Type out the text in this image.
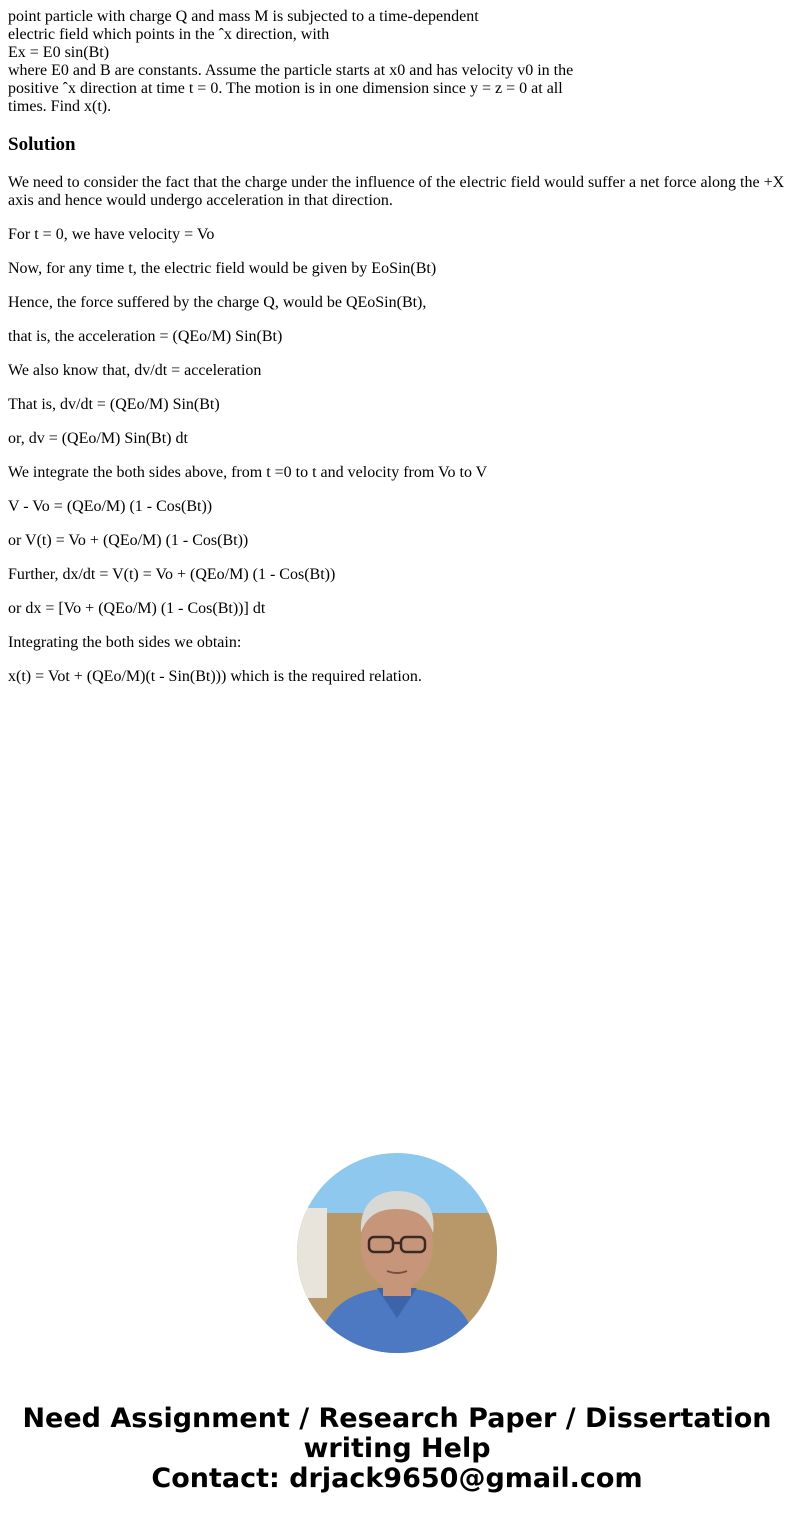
point particle with charge Q and mass M is subjected to a time-dependent

electric field which points in the ˆx direction, with

Ex = E0 sin(Bt)

where E0 and B are constants. Assume the particle starts at x0 and has velocity v0 in the

positive ˆx direction at time t = 0. The motion is in one dimension since y = z = 0 at all

times. Find x(t).

Solution

We need to consider the fact that the charge under the influence of the electric field would suffer a net force along the +X axis and hence would undergo acceleration in that direction.

For t = 0, we have velocity = Vo

Now, for any time t, the electric field would be given by EoSin(Bt)

Hence, the force suffered by the charge Q, would be QEoSin(Bt),

that is, the acceleration = (QEo/M) Sin(Bt)

We also know that, dv/dt = acceleration

That is, dv/dt = (QEo/M) Sin(Bt)

or, dv = (QEo/M) Sin(Bt) dt

We integrate the both sides above, from t =0 to t and velocity from Vo to V

V - Vo = (QEo/M) (1 - Cos(Bt))

or V(t) = Vo + (QEo/M) (1 - Cos(Bt))

Further, dx/dt = V(t) = Vo + (QEo/M) (1 - Cos(Bt))

or dx = [Vo + (QEo/M) (1 - Cos(Bt))] dt

Integrating the both sides we obtain:

x(t) = Vot + (QEo/M)(t - Sin(Bt))) which is the required relation.

Need Assignment / Research Paper / Dissertation
writing Help
Contact: drjack9650@gmail.com
